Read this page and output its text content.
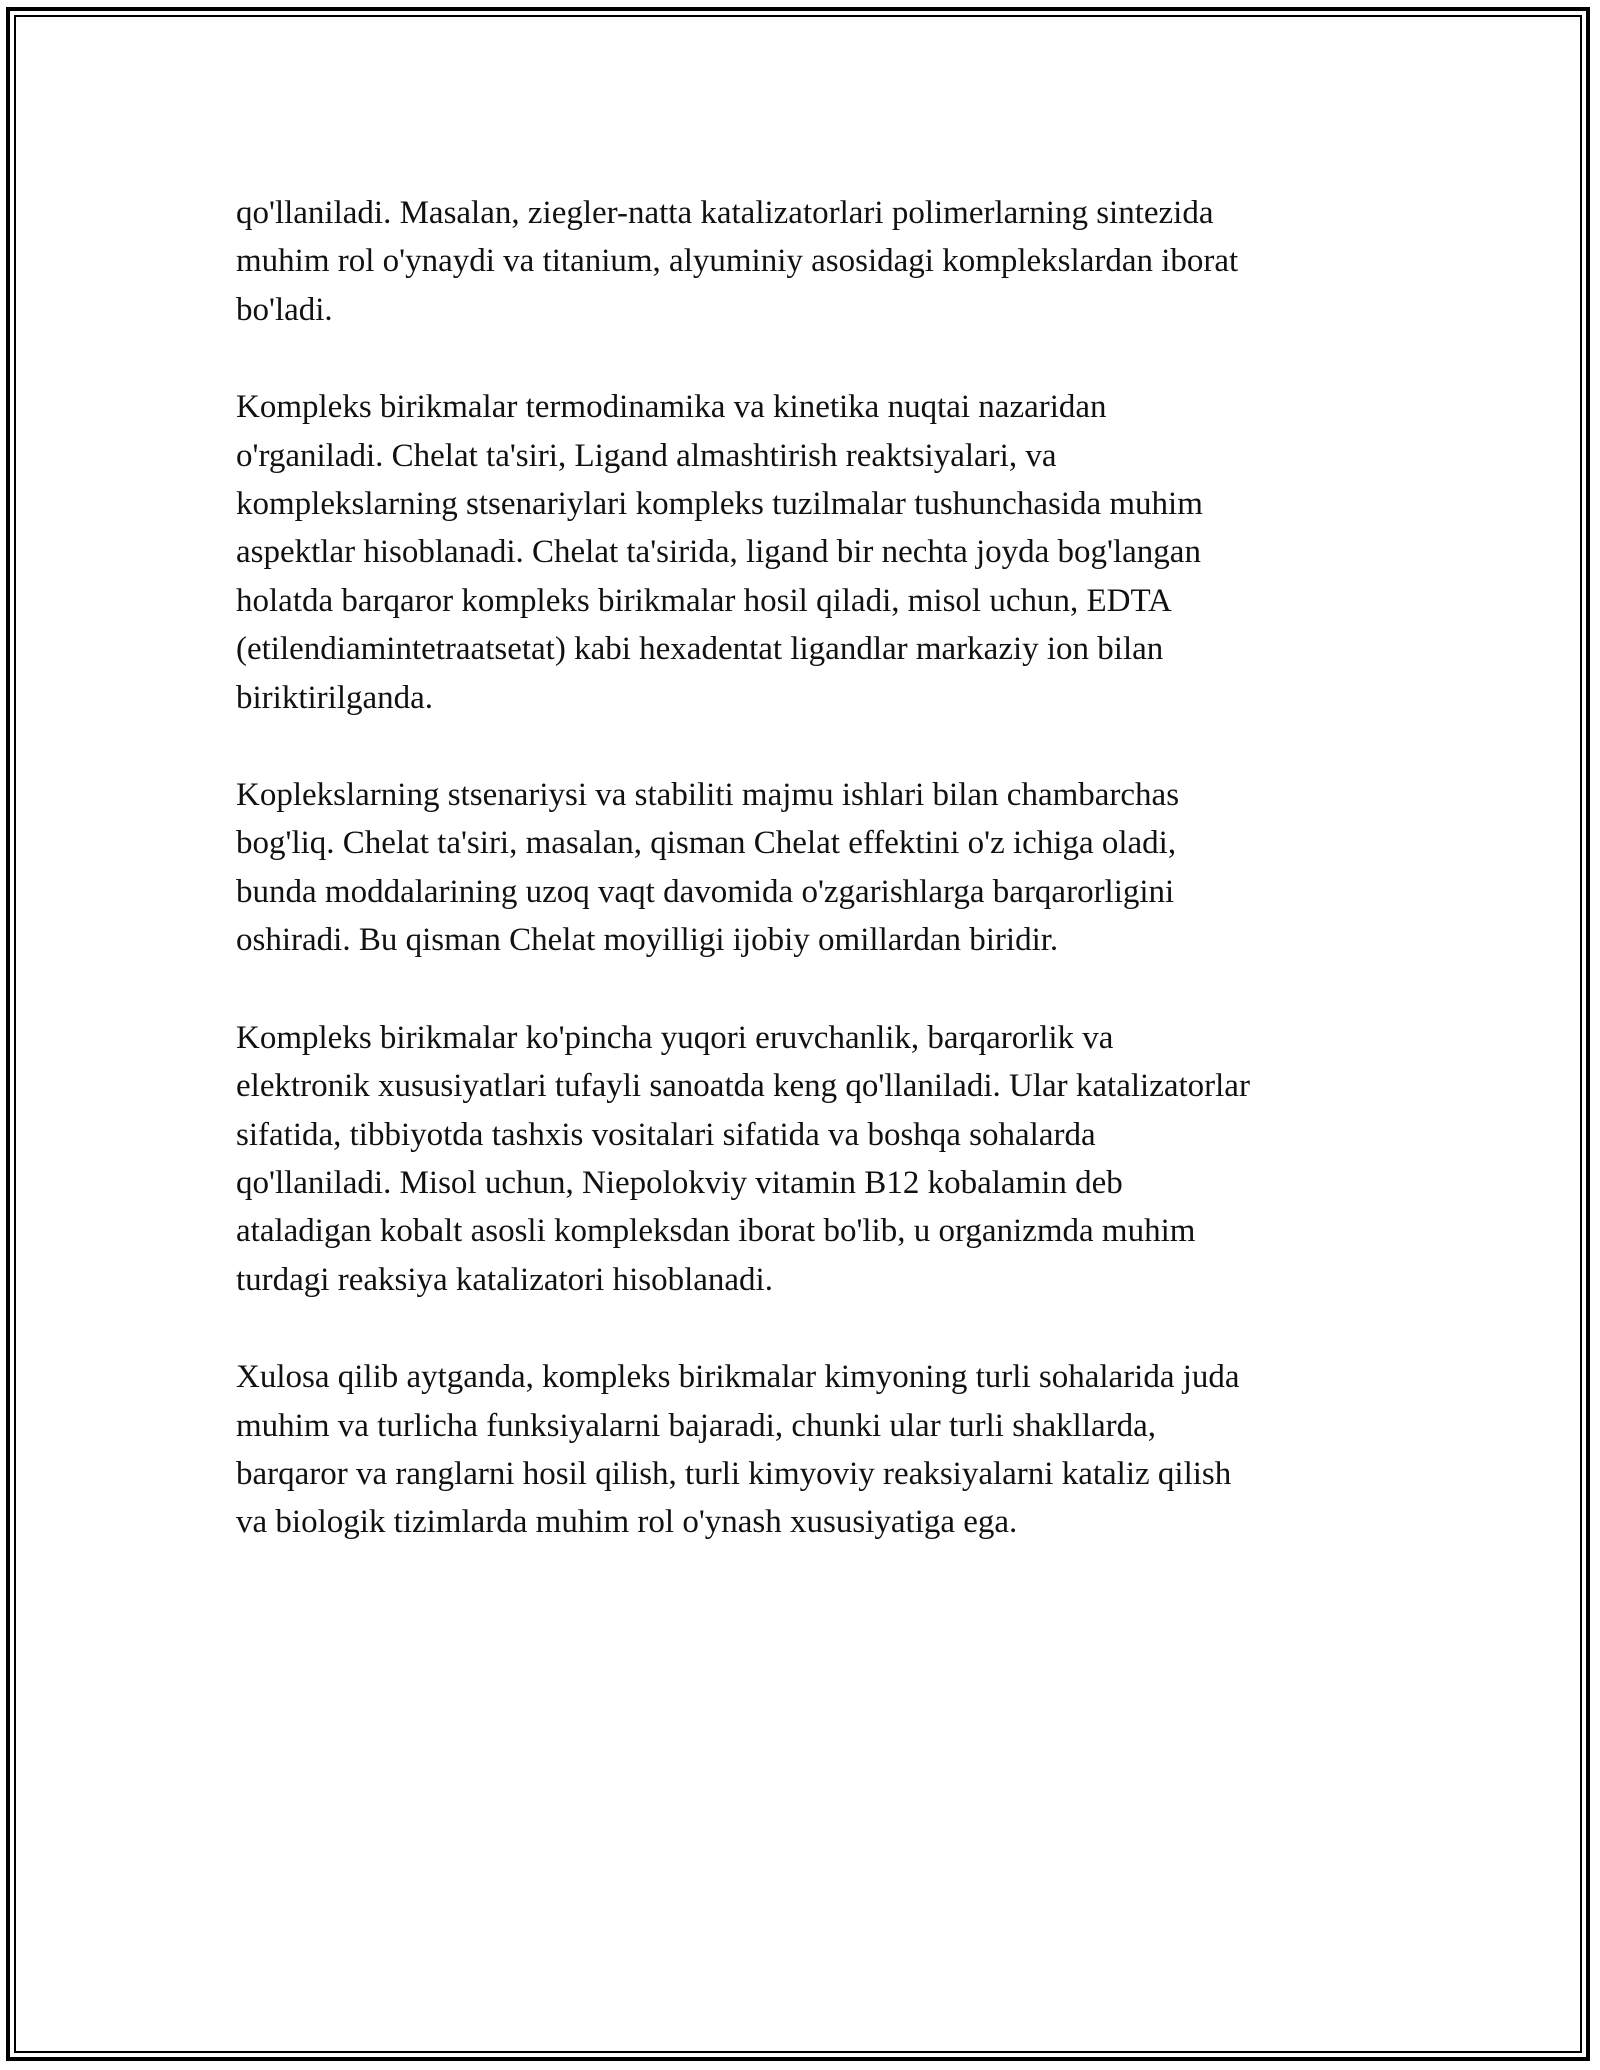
qo'llaniladi. Masalan, ziegler-natta katalizatorlari polimerlarning sintezida
muhim rol o'ynaydi va titanium, alyuminiy asosidagi komplekslardan iborat
bo'ladi.

Kompleks birikmalar termodinamika va kinetika nuqtai nazaridan
o'rganiladi. Chelat ta'siri, Ligand almashtirish reaktsiyalari, va
komplekslarning stsenariylari kompleks tuzilmalar tushunchasida muhim
aspektlar hisoblanadi. Chelat ta'sirida, ligand bir nechta joyda bog'langan
holatda barqaror kompleks birikmalar hosil qiladi, misol uchun, EDTA
(etilendiamintetraatsetat) kabi hexadentat ligandlar markaziy ion bilan
biriktirilganda.

Koplekslarning stsenariysi va stabiliti majmu ishlari bilan chambarchas
bog'liq. Chelat ta'siri, masalan, qisman Chelat effektini o'z ichiga oladi,
bunda moddalarining uzoq vaqt davomida o'zgarishlarga barqarorligini
oshiradi. Bu qisman Chelat moyilligi ijobiy omillardan biridir.

Kompleks birikmalar ko'pincha yuqori eruvchanlik, barqarorlik va
elektronik xususiyatlari tufayli sanoatda keng qo'llaniladi. Ular katalizatorlar
sifatida, tibbiyotda tashxis vositalari sifatida va boshqa sohalarda
qo'llaniladi. Misol uchun, Niepolokviy vitamin B12 kobalamin deb
ataladigan kobalt asosli kompleksdan iborat bo'lib, u organizmda muhim
turdagi reaksiya katalizatori hisoblanadi.

Xulosa qilib aytganda, kompleks birikmalar kimyoning turli sohalarida juda
muhim va turlicha funksiyalarni bajaradi, chunki ular turli shakllarda,
barqaror va ranglarni hosil qilish, turli kimyoviy reaksiyalarni kataliz qilish
va biologik tizimlarda muhim rol o'ynash xususiyatiga ega.
